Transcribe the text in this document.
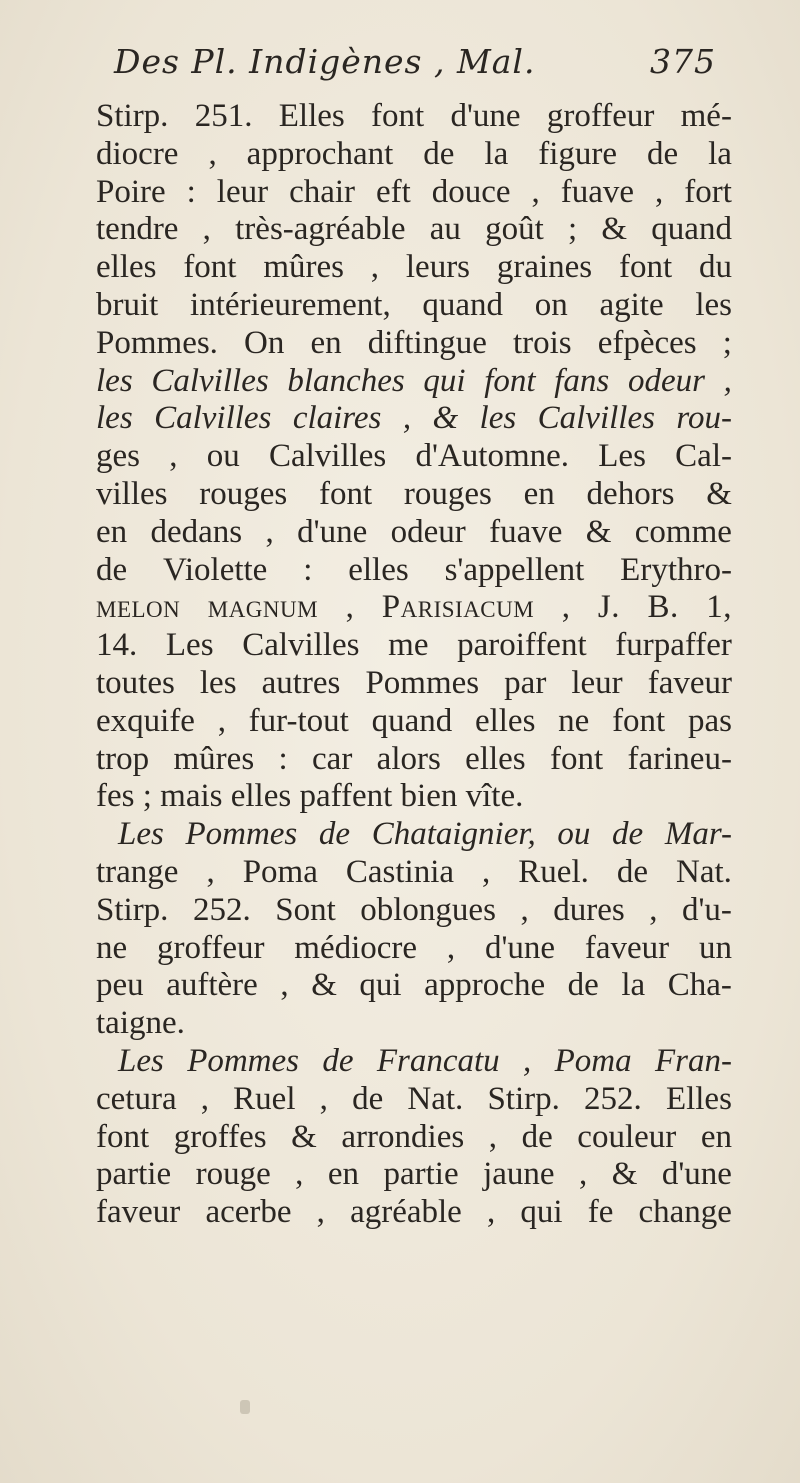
Des Pl. Indigènes , Mal.	375
Stirp. 251. Elles font d'une groffeur mé-
diocre , approchant de la figure de la
Poire : leur chair eft douce , fuave , fort
tendre , très-agréable au goût ; & quand
elles font mûres , leurs graines font du
bruit intérieurement, quand on agite les
Pommes. On en diftingue trois efpèces ;
les Calvilles blanches qui font fans odeur ,
les Calvilles claires , & les Calvilles rou-
ges , ou Calvilles d'Automne. Les Cal-
villes rouges font rouges en dehors &
en dedans , d'une odeur fuave & comme
de Violette : elles s'appellent Erythro-
melon magnum , Parisiacum , J. B. 1,
14. Les Calvilles me paroiffent furpaffer
toutes les autres Pommes par leur faveur
exquife , fur-tout quand elles ne font pas
trop mûres : car alors elles font farineu-
fes ; mais elles paffent bien vîte.
Les Pommes de Chataignier, ou de Mar-
trange , Poma Castinia , Ruel. de Nat.
Stirp. 252. Sont oblongues , dures , d'u-
ne groffeur médiocre , d'une faveur un
peu auftère , & qui approche de la Cha-
taigne.
Les Pommes de Francatu , Poma Fran-
cetura , Ruel , de Nat. Stirp. 252. Elles
font groffes & arrondies , de couleur en
partie rouge , en partie jaune , & d'une
faveur acerbe , agréable , qui fe change
